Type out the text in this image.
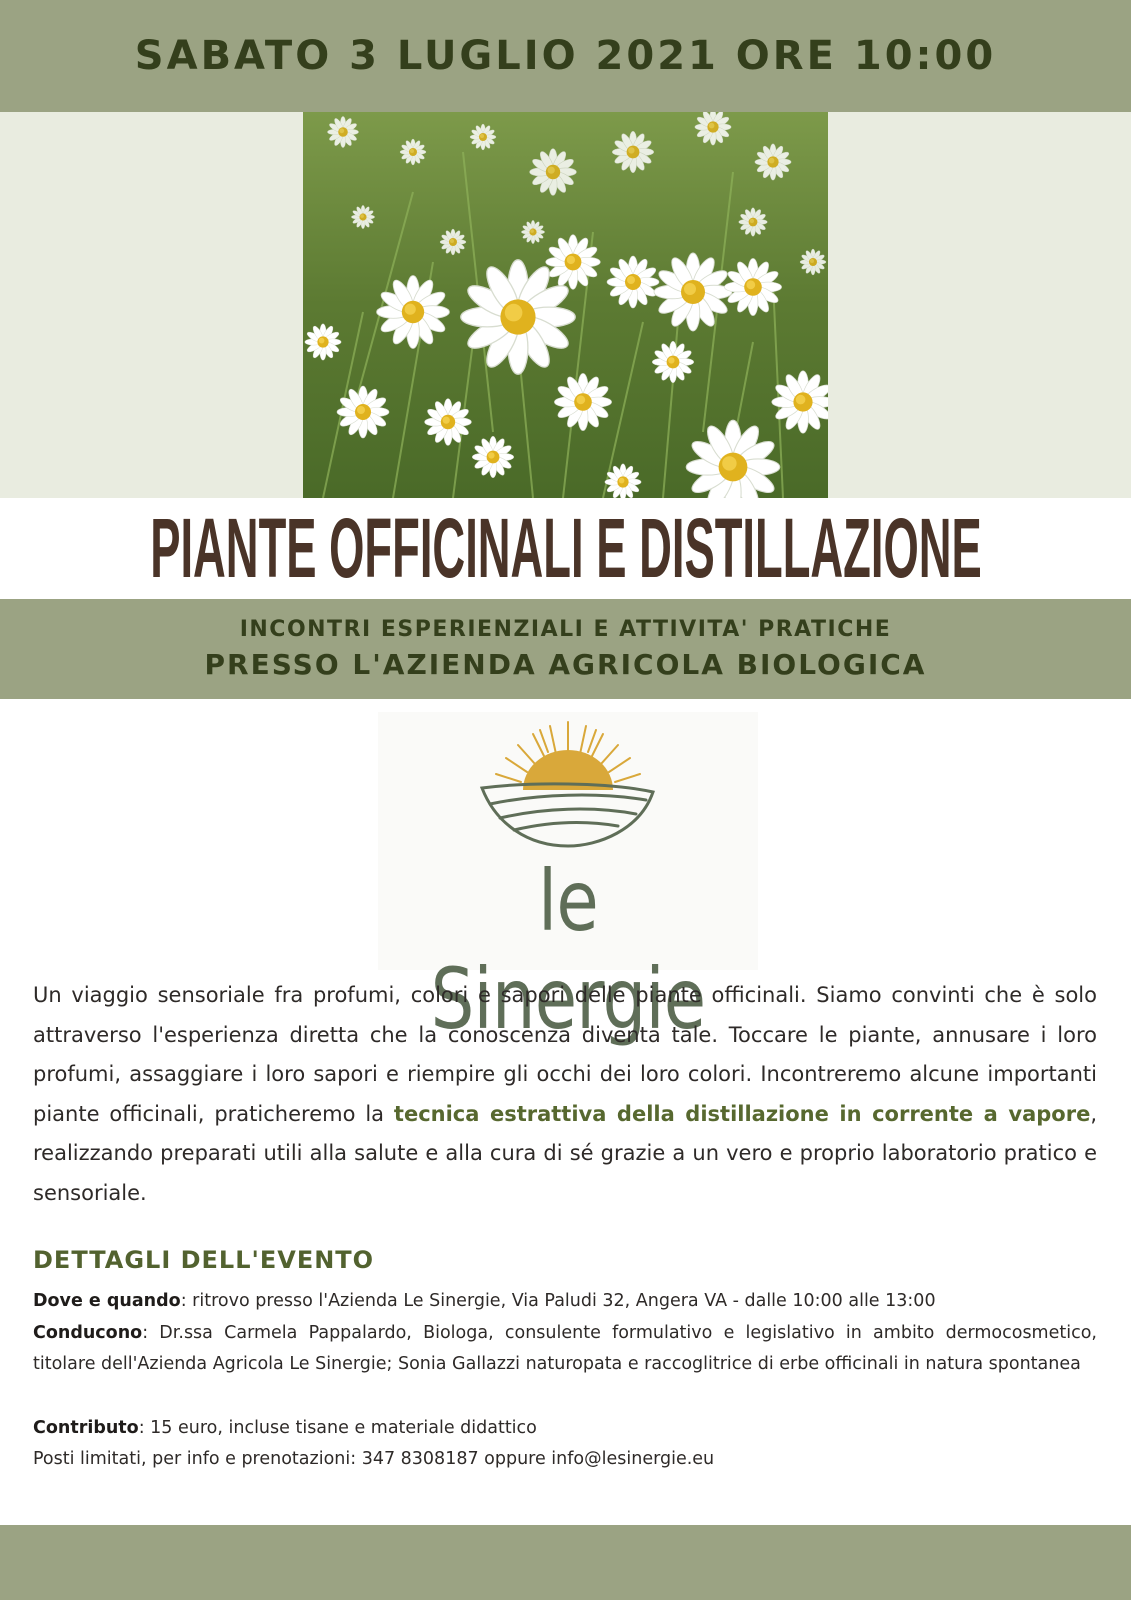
SABATO 3 LUGLIO 2021 ORE 10:00
PIANTE OFFICINALI E DISTILLAZIONE
INCONTRI ESPERIENZIALI E ATTIVITA' PRATICHE
PRESSO L'AZIENDA AGRICOLA BIOLOGICA
le Sinergie

Un viaggio sensoriale fra profumi, colori e sapori delle piante officinali. Siamo convinti che è solo attraverso l'esperienza diretta che la conoscenza diventa tale. Toccare le piante, annusare i loro profumi, assaggiare i loro sapori e riempire gli occhi dei loro colori. Incontreremo alcune importanti piante officinali, praticheremo la tecnica estrattiva della distillazione in corrente a vapore, realizzando preparati utili alla salute e alla cura di sé grazie a un vero e proprio laboratorio pratico e sensoriale.

DETTAGLI DELL'EVENTO

Dove e quando: ritrovo presso l'Azienda Le Sinergie, Via Paludi 32, Angera VA - dalle 10:00 alle 13:00

Conducono: Dr.ssa Carmela Pappalardo, Biologa, consulente formulativo e legislativo in ambito dermocosmetico, titolare dell'Azienda Agricola Le Sinergie; Sonia Gallazzi naturopata e raccoglitrice di erbe officinali in natura spontanea

Contributo: 15 euro, incluse tisane e materiale didattico

Posti limitati, per info e prenotazioni: 347 8308187 oppure info@lesinergie.eu
